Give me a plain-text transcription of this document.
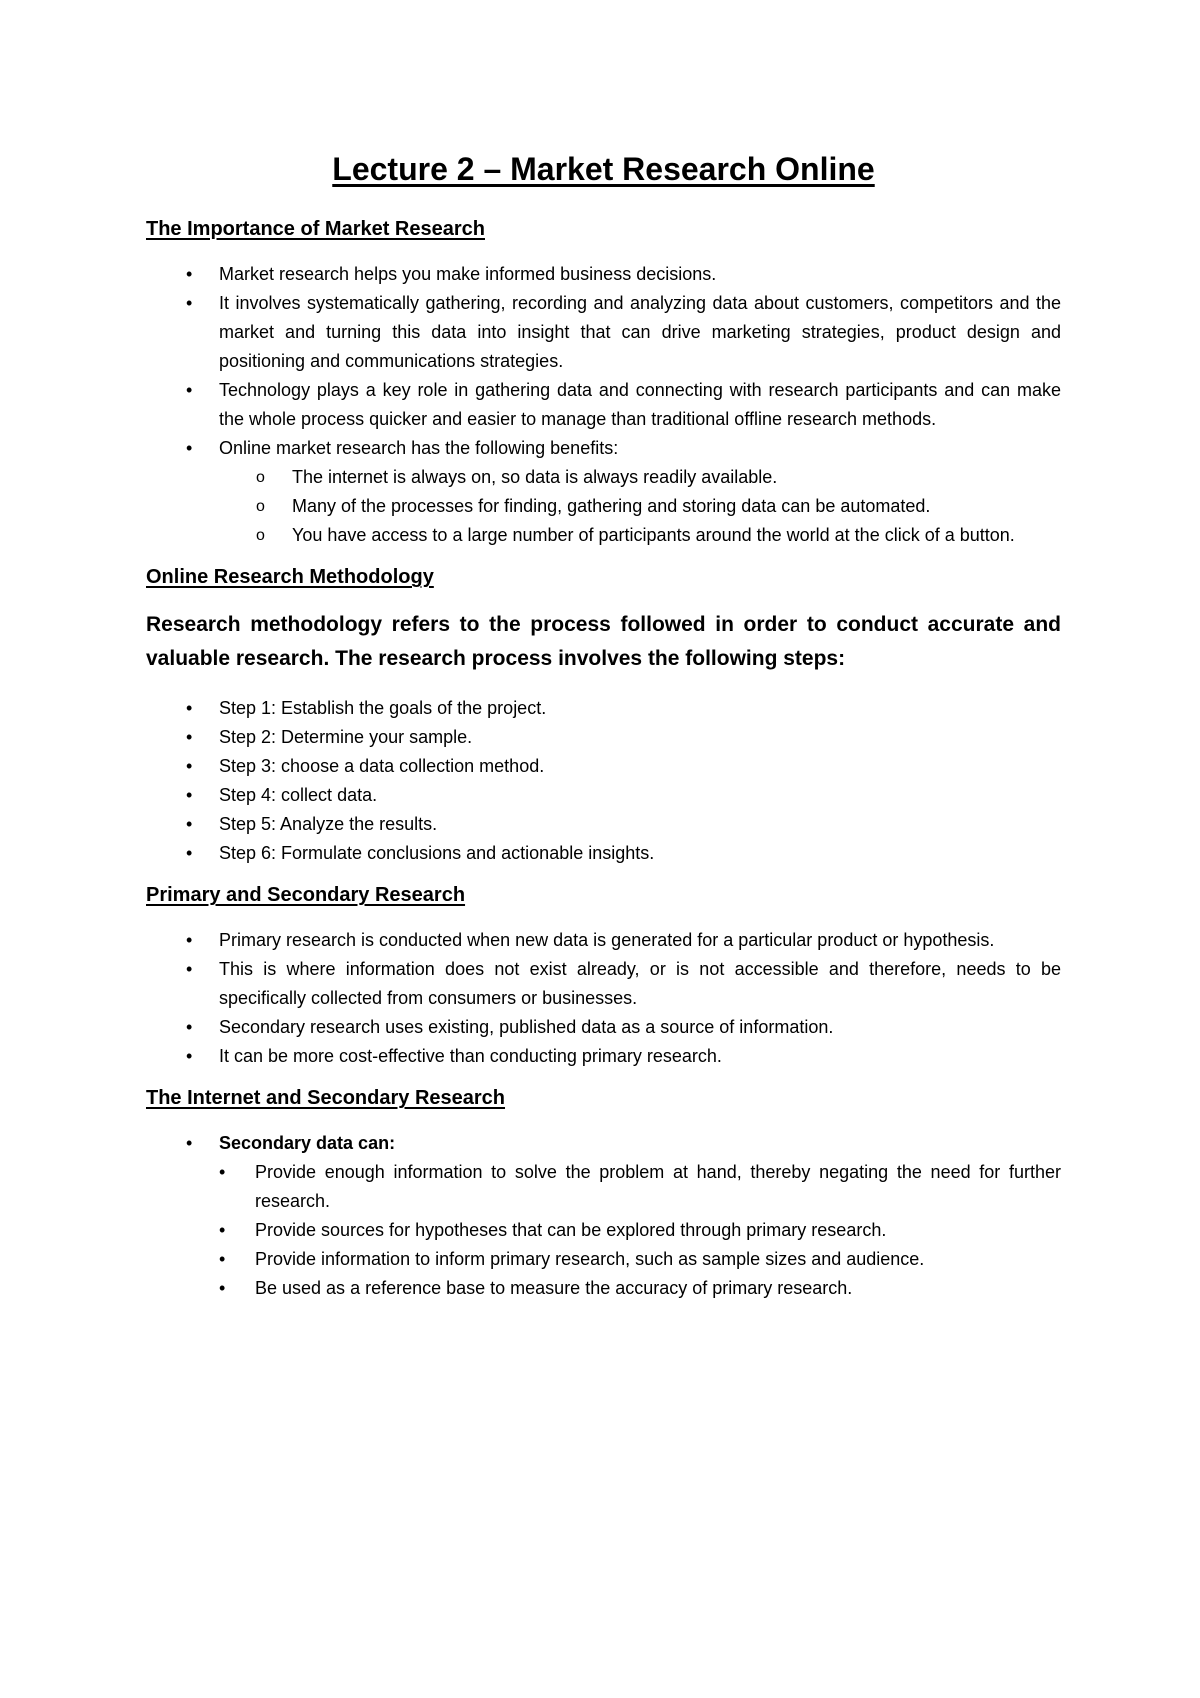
Lecture 2 – Market Research Online
The Importance of Market Research
• Market research helps you make informed business decisions.
• It involves systematically gathering, recording and analyzing data about customers, competitors and the market and turning this data into insight that can drive marketing strategies, product design and positioning and communications strategies.
• Technology plays a key role in gathering data and connecting with research participants and can make the whole process quicker and easier to manage than traditional offline research methods.
• Online market research has the following benefits:
o The internet is always on, so data is always readily available.
o Many of the processes for finding, gathering and storing data can be automated.
o You have access to a large number of participants around the world at the click of a button.
Online Research Methodology

Research methodology refers to the process followed in order to conduct accurate and valuable research. The research process involves the following steps:

• Step 1: Establish the goals of the project.
• Step 2: Determine your sample.
• Step 3: choose a data collection method.
• Step 4: collect data.
• Step 5: Analyze the results.
• Step 6: Formulate conclusions and actionable insights.
Primary and Secondary Research
• Primary research is conducted when new data is generated for a particular product or hypothesis.
• This is where information does not exist already, or is not accessible and therefore, needs to be specifically collected from consumers or businesses.
• Secondary research uses existing, published data as a source of information.
• It can be more cost-effective than conducting primary research.
The Internet and Secondary Research
• Secondary data can:
• Provide enough information to solve the problem at hand, thereby negating the need for further research.
• Provide sources for hypotheses that can be explored through primary research.
• Provide information to inform primary research, such as sample sizes and audience.
• Be used as a reference base to measure the accuracy of primary research.
